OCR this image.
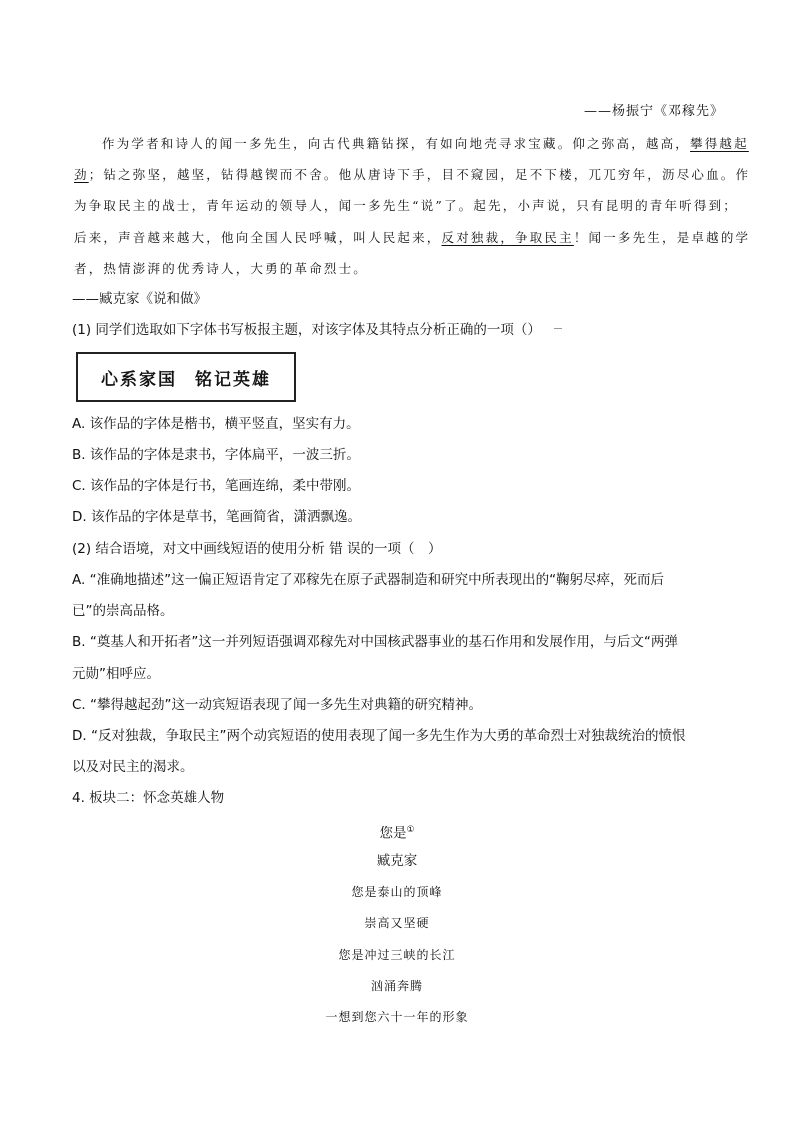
——杨振宁《邓稼先》
作为学者和诗人的闻一多先生，向古代典籍钻探，有如向地壳寻求宝藏。仰之弥高，越高，攀得越起
劲；钻之弥坚，越坚，钻得越锲而不舍。他从唐诗下手，目不窥园，足不下楼，兀兀穷年，沥尽心血。作
为争取民主的战士，青年运动的领导人，闻一多先生“说”了。起先，小声说，只有昆明的青年听得到；
后来，声音越来越大，他向全国人民呼喊，叫人民起来，反对独裁，争取民主！闻一多先生，是卓越的学
者，热情澎湃的优秀诗人，大勇的革命烈士。
——臧克家《说和做》
(1) 同学们选取如下字体书写板报主题，对该字体及其特点分析正确的一项（）
心系家国 铭记英雄
A. 该作品的字体是楷书，横平竖直，坚实有力。
B. 该作品的字体是隶书，字体扁平，一波三折。
C. 该作品的字体是行书，笔画连绵，柔中带刚。
D. 该作品的字体是草书，笔画简省，潇洒飘逸。
(2) 结合语境，对文中画线短语的使用分析 错 误的一项（　）
A. “准确地描述”这一偏正短语肯定了邓稼先在原子武器制造和研究中所表现出的“鞠躬尽瘁，死而后
已”的崇高品格。
B. “奠基人和开拓者”这一并列短语强调邓稼先对中国核武器事业的基石作用和发展作用，与后文“两弹
元勋”相呼应。
C. “攀得越起劲”这一动宾短语表现了闻一多先生对典籍的研究精神。
D. “反对独裁，争取民主”两个动宾短语的使用表现了闻一多先生作为大勇的革命烈士对独裁统治的愤恨
以及对民主的渴求。
4. 板块二：怀念英雄人物
您是①
臧克家
您是泰山的顶峰
崇高又坚硬
您是冲过三峡的长江
汹涌奔腾
一想到您六十一年的形象
